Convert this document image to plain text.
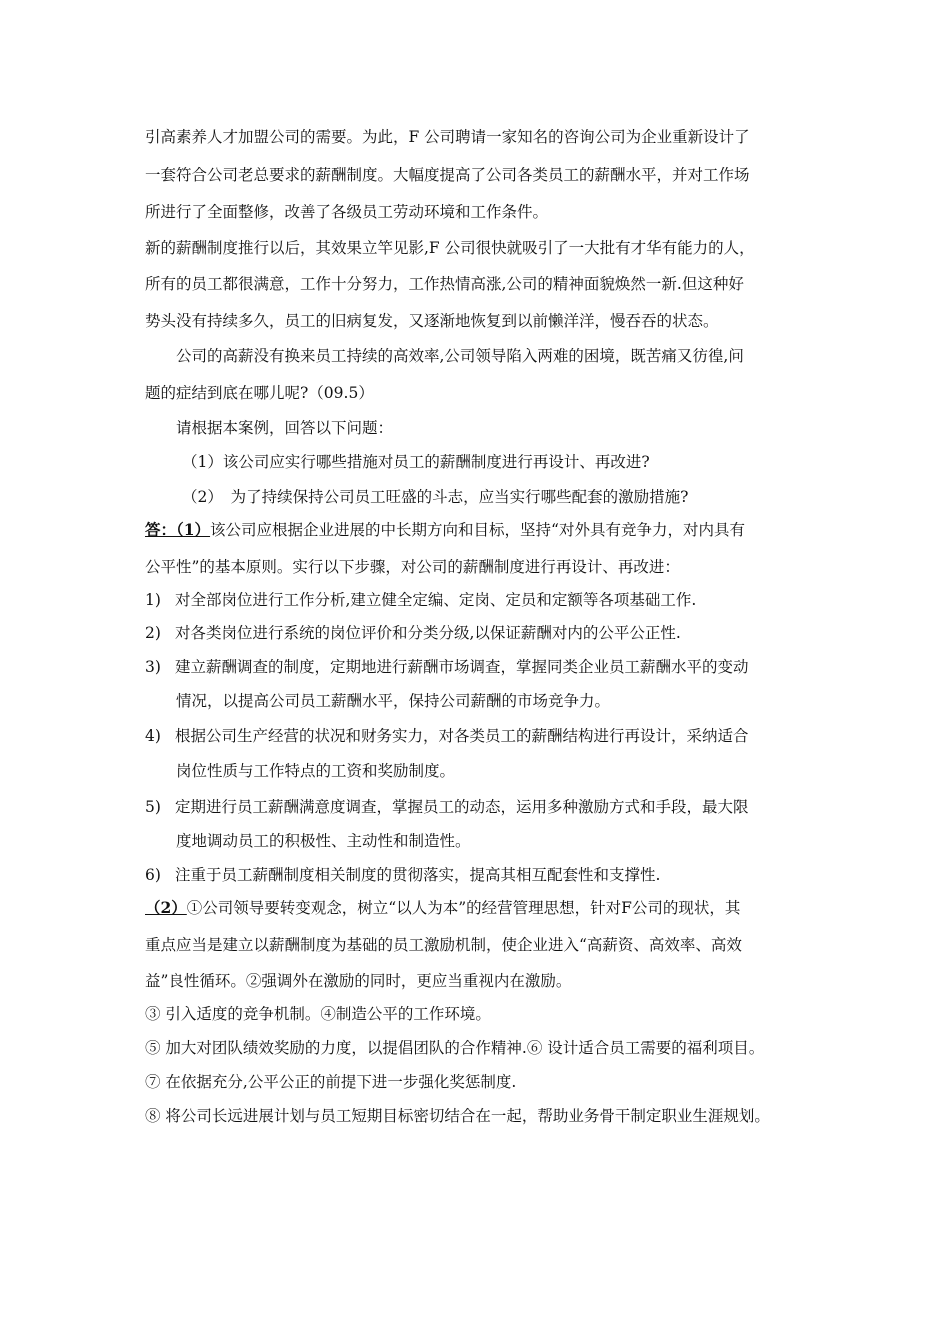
引高素养人才加盟公司的需要。为此，F 公司聘请一家知名的咨询公司为企业重新设计了
一套符合公司老总要求的薪酬制度。大幅度提高了公司各类员工的薪酬水平，并对工作场
所进行了全面整修，改善了各级员工劳动环境和工作条件。
新的薪酬制度推行以后，其效果立竿见影,F 公司很快就吸引了一大批有才华有能力的人，
所有的员工都很满意，工作十分努力，工作热情高涨,公司的精神面貌焕然一新.但这种好
势头没有持续多久，员工的旧病复发，又逐渐地恢复到以前懒洋洋，慢吞吞的状态。
公司的高薪没有换来员工持续的高效率,公司领导陷入两难的困境，既苦痛又彷徨,问
题的症结到底在哪儿呢?（09.5）
请根据本案例，回答以下问题：
（1）该公司应实行哪些措施对员工的薪酬制度进行再设计、再改进?
（2）　为了持续保持公司员工旺盛的斗志，应当实行哪些配套的激励措施?
答：（1）该公司应根据企业进展的中长期方向和目标，坚持“对外具有竞争力，对内具有
公平性”的基本原则。实行以下步骤，对公司的薪酬制度进行再设计、再改进：
1) 对全部岗位进行工作分析,建立健全定编、定岗、定员和定额等各项基础工作.
2) 对各类岗位进行系统的岗位评价和分类分级,以保证薪酬对内的公平公正性.
3) 建立薪酬调查的制度，定期地进行薪酬市场调查，掌握同类企业员工薪酬水平的变动
情况，以提高公司员工薪酬水平，保持公司薪酬的市场竞争力。
4) 根据公司生产经营的状况和财务实力，对各类员工的薪酬结构进行再设计，采纳适合
岗位性质与工作特点的工资和奖励制度。
5) 定期进行员工薪酬满意度调查，掌握员工的动态，运用多种激励方式和手段，最大限
度地调动员工的积极性、主动性和制造性。
6) 注重于员工薪酬制度相关制度的贯彻落实，提高其相互配套性和支撑性.
（2）①公司领导要转变观念，树立“以人为本”的经营管理思想，针对F公司的现状，其
重点应当是建立以薪酬制度为基础的员工激励机制，使企业进入“高薪资、高效率、高效
益”良性循环。②强调外在激励的同时，更应当重视内在激励。
③ 引入适度的竞争机制。④制造公平的工作环境。
⑤ 加大对团队绩效奖励的力度，以提倡团队的合作精神.⑥ 设计适合员工需要的福利项目。
⑦ 在依据充分,公平公正的前提下进一步强化奖惩制度.
⑧ 将公司长远进展计划与员工短期目标密切结合在一起，帮助业务骨干制定职业生涯规划。
